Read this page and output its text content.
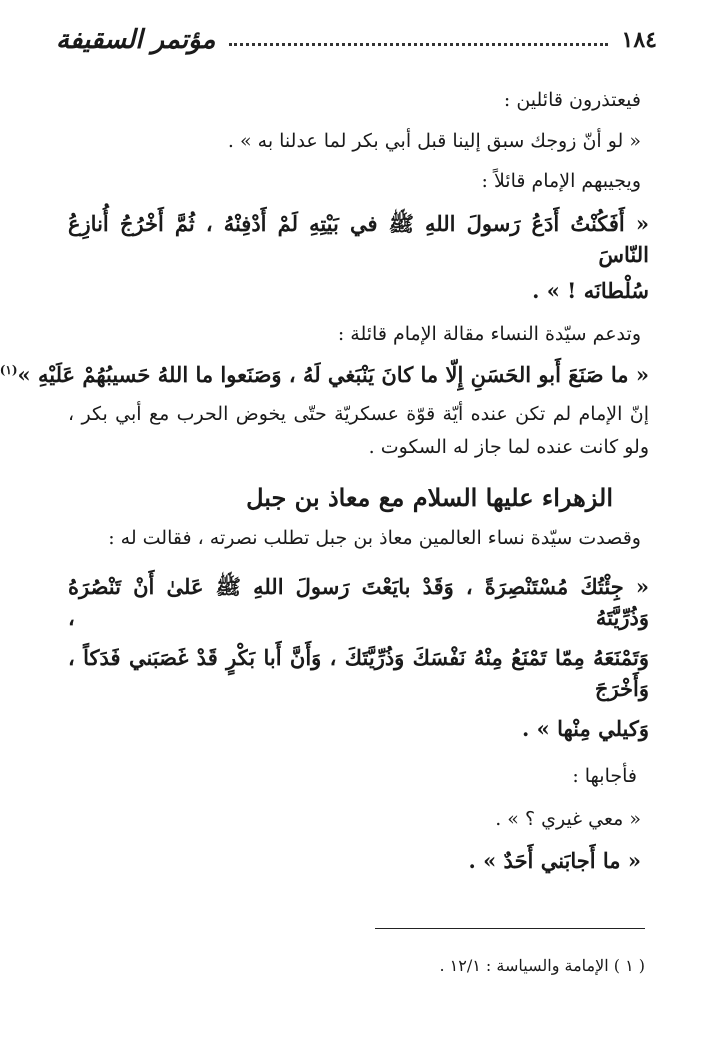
١٨٤
مؤتمر السقيفة

فيعتذرون قائلين :

« لو أنّ زوجك سبق إلينا قبل أبي بكر لما عدلنا به » .

ويجيبهم الإمام قائلاً :

« أَفَكُنْتُ أَدَعُ رَسولَ اللهِ ﷺ في بَيْتِهِ لَمْ أَدْفِنْهُ ، ثُمَّ أَخْرُجُ أُنازِعُ النّاسَ

سُلْطانَه ! » .

وتدعم سيّدة النساء مقالة الإمام قائلة :

« ما صَنَعَ أَبو الحَسَنِ إِلّا ما كانَ يَنْبَغي لَهُ ، وَصَنَعوا ما اللهُ حَسيبُهُمْ عَلَيْهِ »$^{(١)}$

إنّ الإمام لم تكن عنده أيّة قوّة عسكريّة حتّى يخوض الحرب مع أبي بكر ،

ولو كانت عنده لما جاز له السكوت .

الزهراء عليها السلام مع معاذ بن جبل

وقصدت سيّدة نساء العالمين معاذ بن جبل تطلب نصرته ، فقالت له :

« جِئْتُكَ مُسْتَنْصِرَةً ، وَقَدْ بايَعْتَ رَسولَ اللهِ ﷺ عَلىٰ أَنْ تَنْصُرَهُ وَذُرِّيَّتَهُ ،

وَتَمْنَعَهُ مِمّا تَمْنَعُ مِنْهُ نَفْسَكَ وَذُرِّيَّتَكَ ، وَأَنَّ أَبا بَكْرٍ قَدْ غَصَبَني فَدَكاً ، وَأَخْرَجَ

وَكيلي مِنْها » .

فأجابها :

« معي غيري ؟ » .

« ما أَجابَني أَحَدٌ » .

( ١ ) الإمامة والسياسة : ١٢/١ .
